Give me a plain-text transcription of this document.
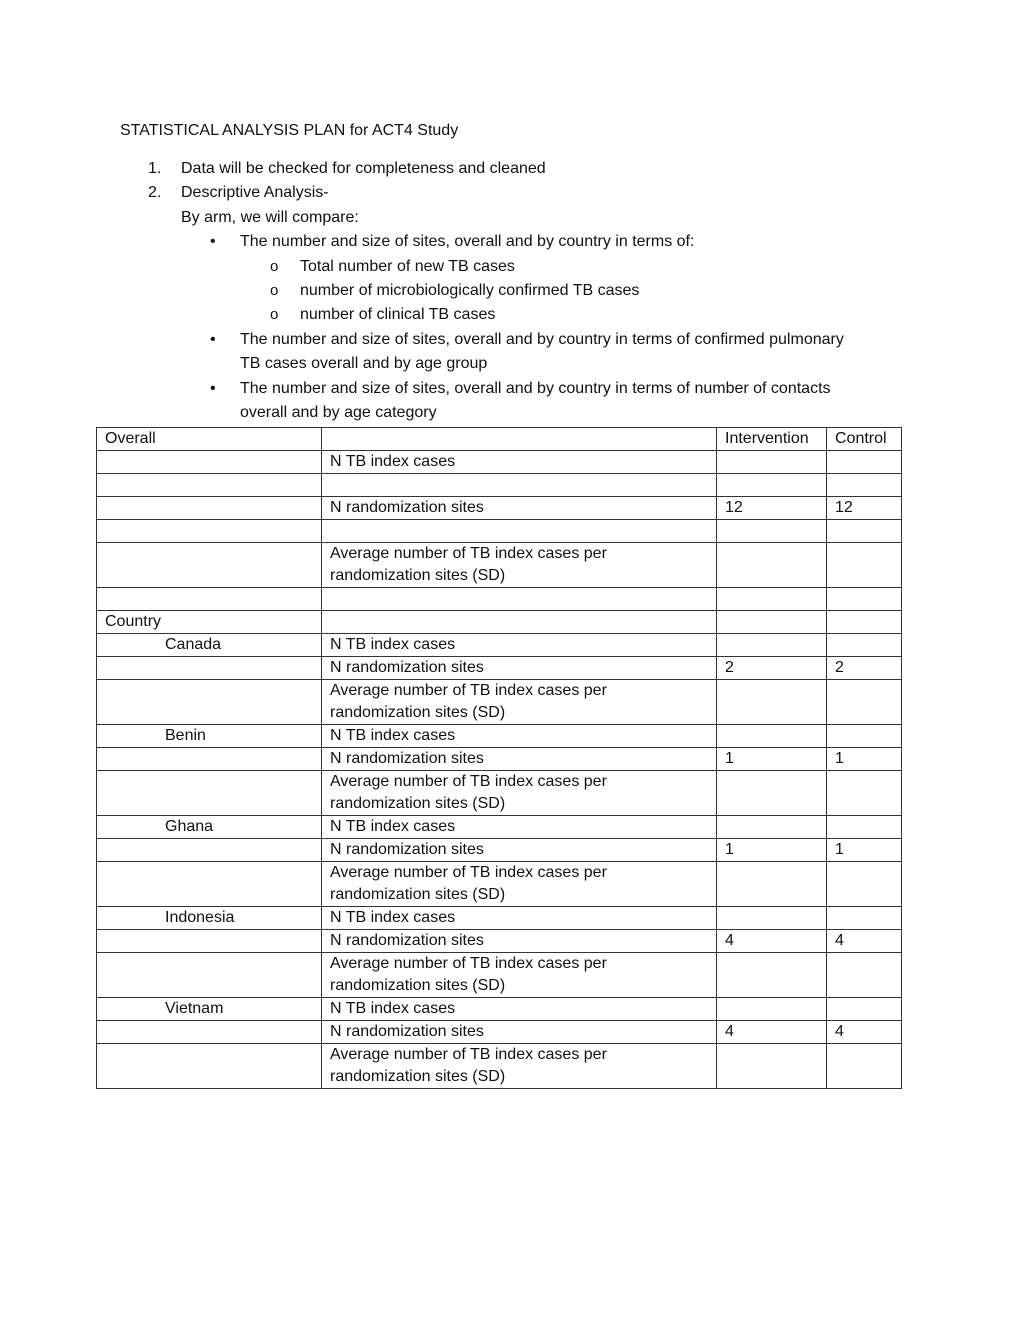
STATISTICAL ANALYSIS PLAN for ACT4 Study
1. Data will be checked for completeness and cleaned
2. Descriptive Analysis-
By arm, we will compare:
• The number and size of sites, overall and by country in terms of:
o Total number of new TB cases
o number of microbiologically confirmed TB cases
o number of clinical TB cases
• The number and size of sites, overall and by country in terms of confirmed pulmonary
TB cases overall and by age group
• The number and size of sites, overall and by country in terms of number of contacts
overall and by age category
Overall		Intervention	Control
	N TB index cases		

	N randomization sites	12	12

	Average number of TB index cases per
randomization sites (SD)		

Country			
Canada	N TB index cases		
	N randomization sites	2	2

	Average number of TB index cases per
randomization sites (SD)		

Benin	N TB index cases		
	N randomization sites	1	1

	Average number of TB index cases per
randomization sites (SD)		

Ghana	N TB index cases		
	N randomization sites	1	1

	Average number of TB index cases per
randomization sites (SD)		

Indonesia	N TB index cases		
	N randomization sites	4	4

	Average number of TB index cases per
randomization sites (SD)		

Vietnam	N TB index cases		
	N randomization sites	4	4

	Average number of TB index cases per
randomization sites (SD)		
